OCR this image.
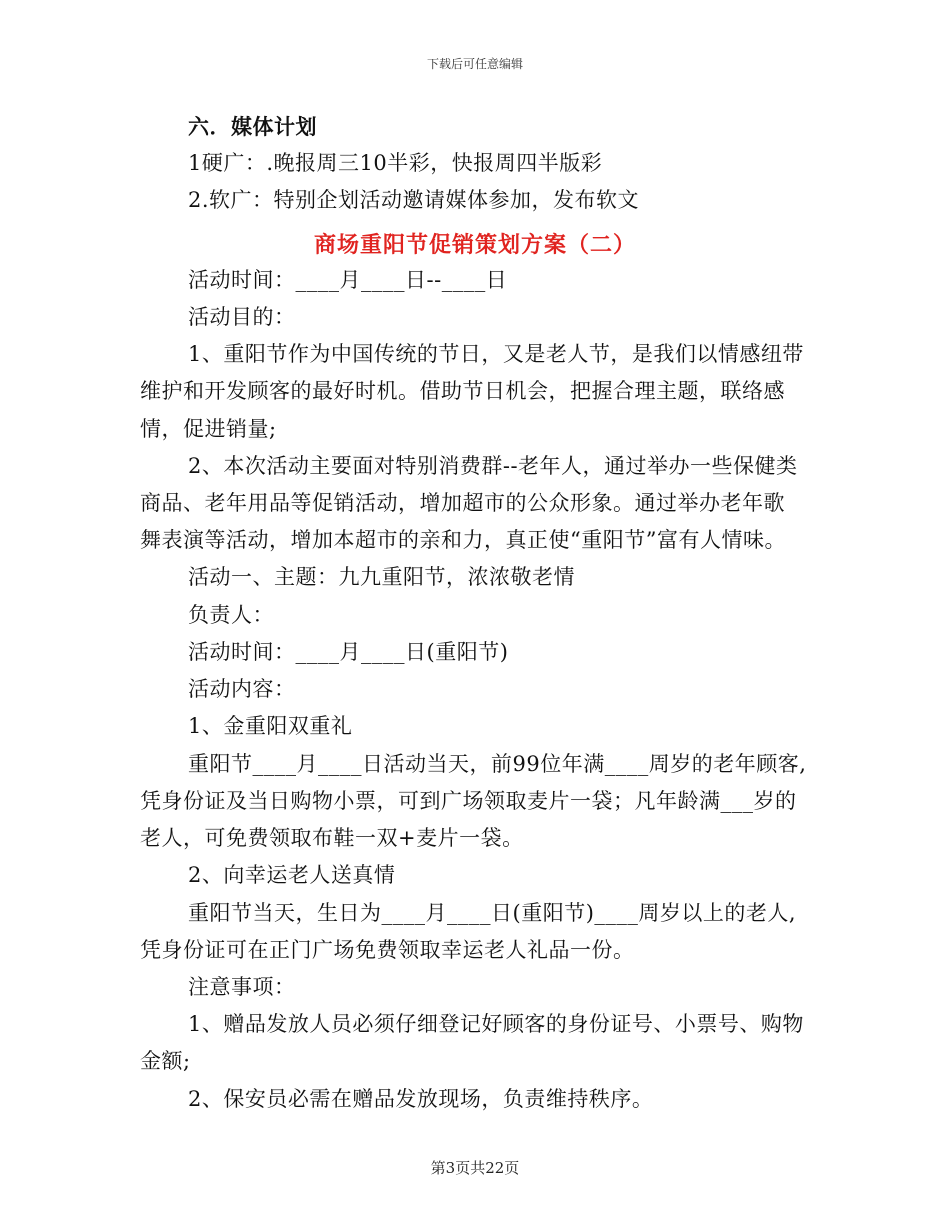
下载后可任意编辑
六．媒体计划
1硬广：.晚报周三10半彩，快报周四半版彩
2.软广：特别企划活动邀请媒体参加，发布软文
商场重阳节促销策划方案（二）
活动时间：____月____日--____日
活动目的：
1、重阳节作为中国传统的节日，又是老人节，是我们以情感纽带
维护和开发顾客的最好时机。借助节日机会，把握合理主题，联络感
情，促进销量;
2、本次活动主要面对特别消费群--老年人，通过举办一些保健类
商品、老年用品等促销活动，增加超市的公众形象。通过举办老年歌
舞表演等活动，增加本超市的亲和力，真正使“重阳节”富有人情味。
活动一、主题：九九重阳节，浓浓敬老情
负责人：
活动时间：____月____日(重阳节)
活动内容：
1、金重阳双重礼
重阳节____月____日活动当天，前99位年满____周岁的老年顾客,
凭身份证及当日购物小票，可到广场领取麦片一袋；凡年龄满___岁的
老人，可免费领取布鞋一双+麦片一袋。
2、向幸运老人送真情
重阳节当天，生日为____月____日(重阳节)____周岁以上的老人,
凭身份证可在正门广场免费领取幸运老人礼品一份。
注意事项：
1、赠品发放人员必须仔细登记好顾客的身份证号、小票号、购物
金额;
2、保安员必需在赠品发放现场，负责维持秩序。
第3页共22页
